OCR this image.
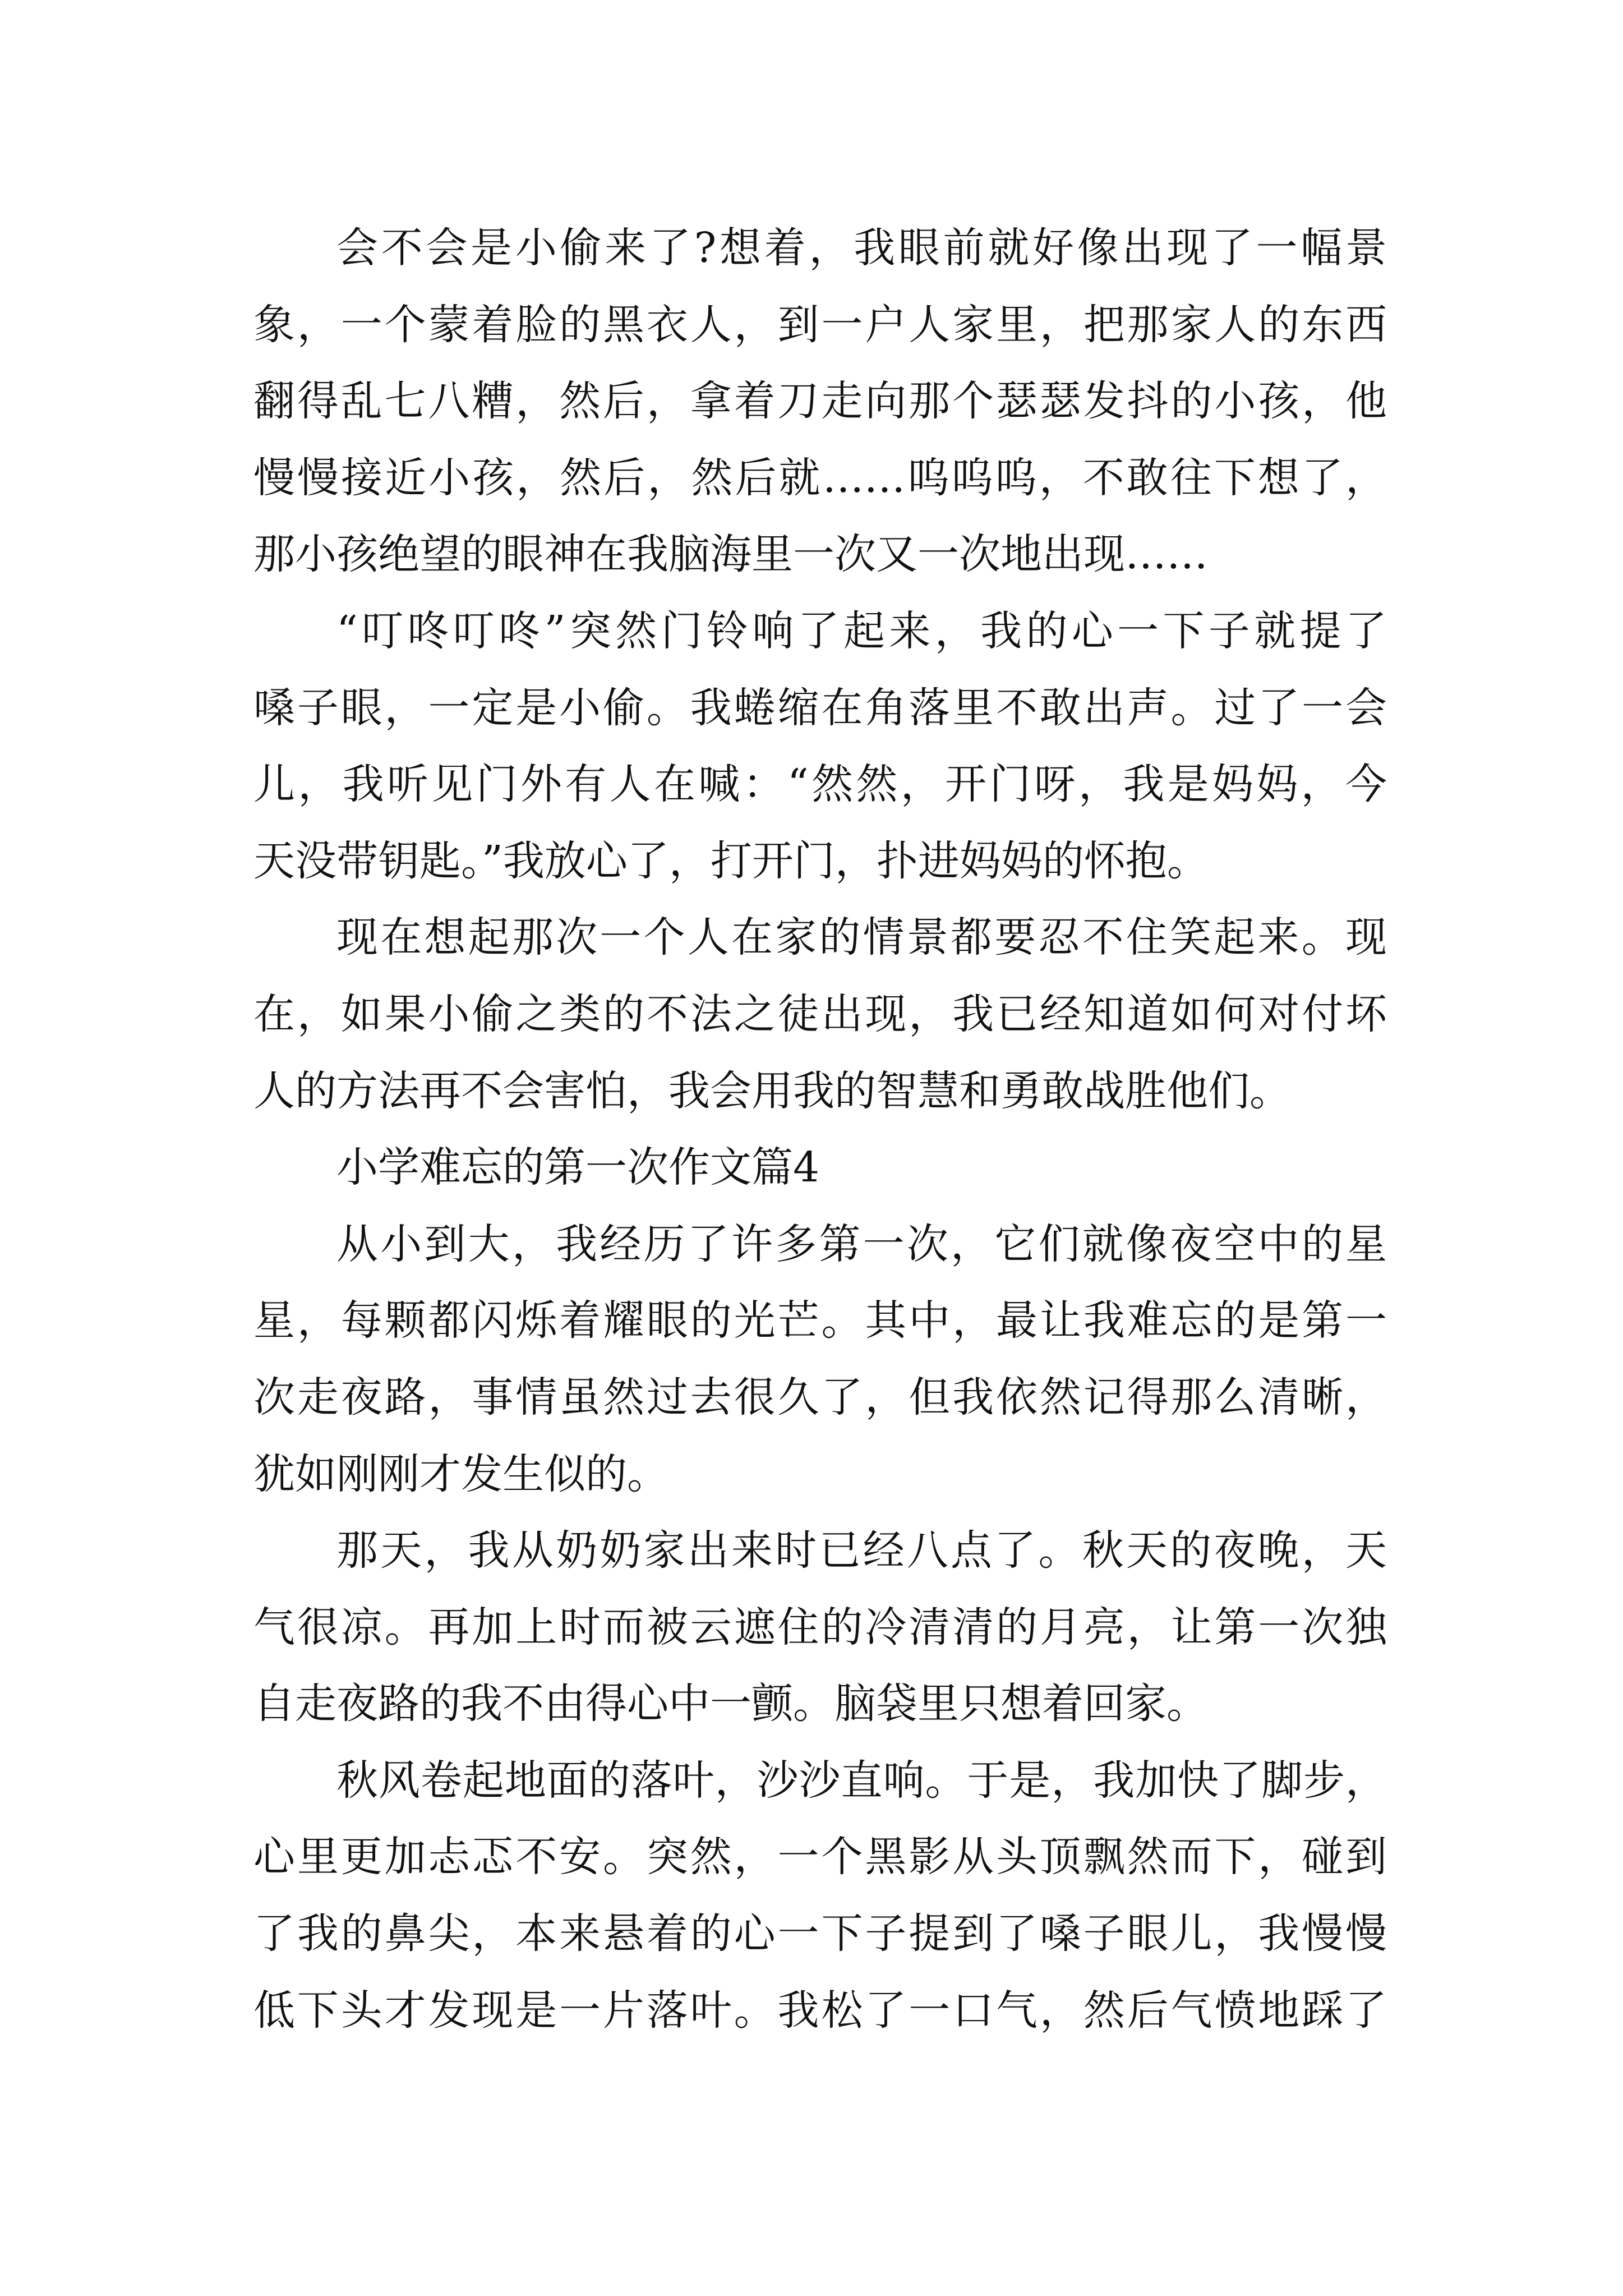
会不会是小偷来了?想着，我眼前就好像出现了一幅景
象，一个蒙着脸的黑衣人，到一户人家里，把那家人的东西
翻得乱七八糟，然后，拿着刀走向那个瑟瑟发抖的小孩，他
慢慢接近小孩，然后，然后就……呜呜呜，不敢往下想了，
那小孩绝望的眼神在我脑海里一次又一次地出现……
“叮咚叮咚”突然门铃响了起来，我的心一下子就提了
嗓子眼，一定是小偷。我蜷缩在角落里不敢出声。过了一会
儿，我听见门外有人在喊：“然然，开门呀，我是妈妈，今
天没带钥匙。”我放心了，打开门，扑进妈妈的怀抱。
现在想起那次一个人在家的情景都要忍不住笑起来。现
在，如果小偷之类的不法之徒出现，我已经知道如何对付坏
人的方法再不会害怕，我会用我的智慧和勇敢战胜他们。
小学难忘的第一次作文篇4
从小到大，我经历了许多第一次，它们就像夜空中的星
星，每颗都闪烁着耀眼的光芒。其中，最让我难忘的是第一
次走夜路，事情虽然过去很久了，但我依然记得那么清晰，
犹如刚刚才发生似的。
那天，我从奶奶家出来时已经八点了。秋天的夜晚，天
气很凉。再加上时而被云遮住的冷清清的月亮，让第一次独
自走夜路的我不由得心中一颤。脑袋里只想着回家。
秋风卷起地面的落叶，沙沙直响。于是，我加快了脚步，
心里更加忐忑不安。突然，一个黑影从头顶飘然而下，碰到
了我的鼻尖，本来悬着的心一下子提到了嗓子眼儿，我慢慢
低下头才发现是一片落叶。我松了一口气，然后气愤地踩了
